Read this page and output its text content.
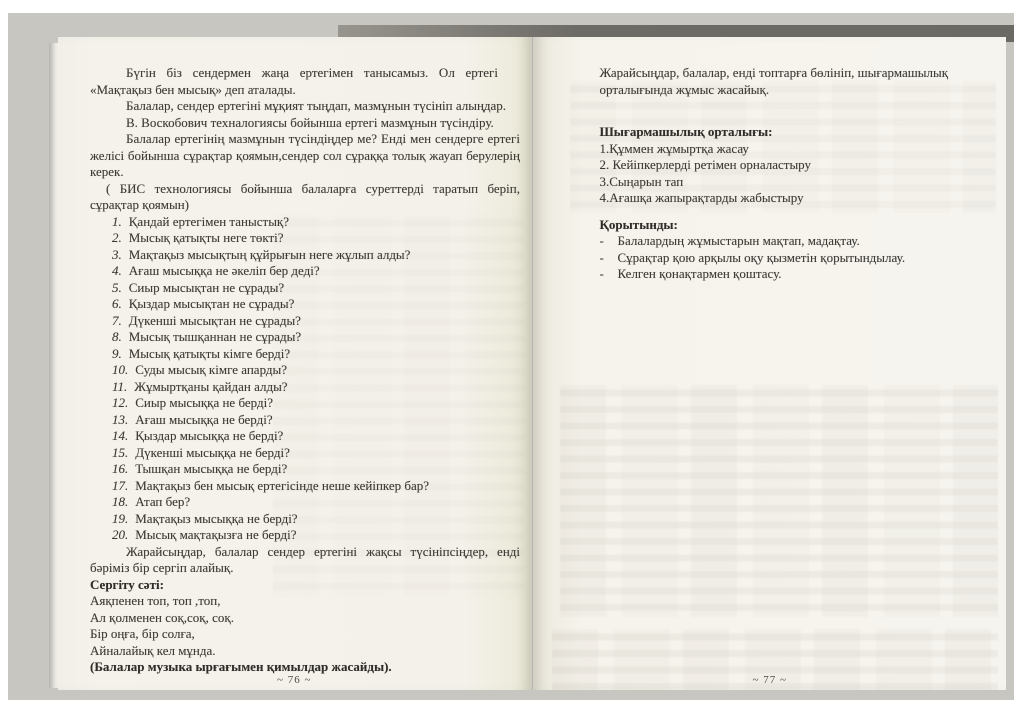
Бүгін біз сендермен жаңа ертегімен танысамыз. Ол ертегі «Мақтақыз бен мысық» деп аталады.

Балалар, сендер ертегіні мұқият тыңдап, мазмұнын түсініп алыңдар.

В. Воскобович техналогиясы бойынша ертегі мазмұнын түсіндіру.

Балалар ертегінің мазмұнын түсіндіңдер ме? Енді мен сендерге ертегі желісі бойынша сұрақтар қоямын,сендер сол сұраққа толық жауап берулерің керек.

( БИС технологиясы бойынша балаларға суреттерді таратып беріп, сұрақтар қоямын)

1. Қандай ертегімен таныстық?
2. Мысық қатықты неге төкті?
3. Мақтақыз мысықтың құйрығын неге жұлып алды?
4. Ағаш мысыққа не әкеліп бер деді?
5. Сиыр мысықтан не сұрады?
6. Қыздар мысықтан не сұрады?
7. Дүкенші мысықтан не сұрады?
8. Мысық тышқаннан не сұрады?
9. Мысық қатықты кімге берді?
10. Суды мысық кімге апарды?
11. Жұмыртқаны қайдан алды?
12. Сиыр мысыққа не берді?
13. Ағаш мысыққа не берді?
14. Қыздар мысыққа не берді?
15. Дүкенші мысыққа не берді?
16. Тышқан мысыққа не берді?
17. Мақтақыз бен мысық ертегісінде неше кейіпкер бар?
18. Атап бер?
19. Мақтақыз мысыққа не берді?
20. Мысық мақтақызға не берді?

Жарайсыңдар, балалар сендер ертегіні жақсы түсініпсіңдер, енді бәріміз бір сергіп алайық.

Сергіту сәті:

Аяқпенен топ, топ ,топ,

Ал қолменен соқ,соқ, соқ.

Бір оңға, бір солға,

Айналайық кел мұнда.

(Балалар музыка ырғағымен қимылдар жасайды).

~ 76 ~

Жарайсыңдар, балалар, енді топтарға бөлініп, шығармашылық орталығында жұмыс жасайық.

Шығармашылық орталығы:

1.Құммен жұмыртқа жасау
2. Кейіпкерлерді ретімен орналастыру
3.Сыңарын тап
4.Ағашқа жапырақтарды жабыстыру

Қорытынды:

-	Балалардың жұмыстарын мақтап, мадақтау.
-	Сұрақтар қою арқылы оқу қызметін қорытындылау.
-	Келген қонақтармен қоштасу.
~ 77 ~
